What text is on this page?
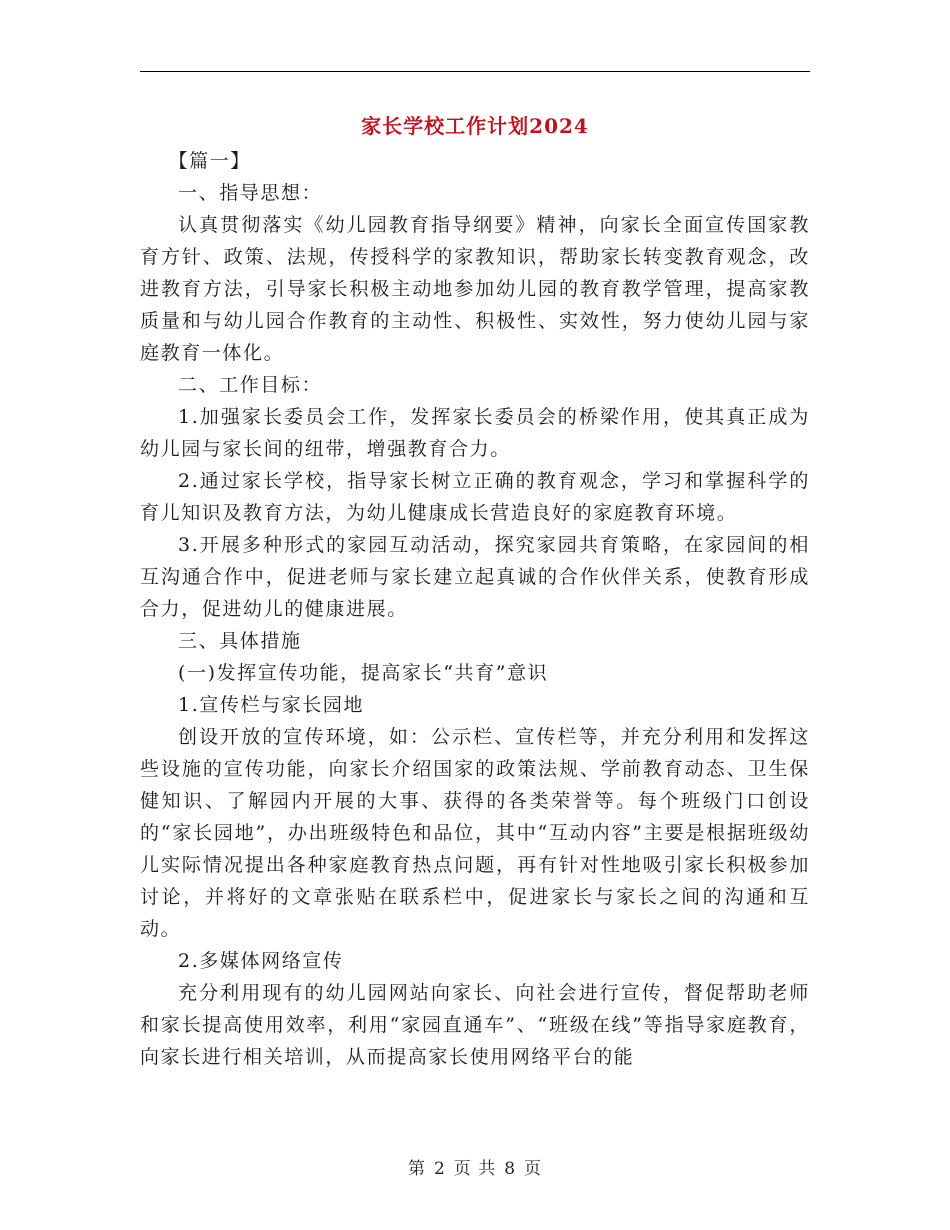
家长学校工作计划2024

【篇一】

一、指导思想：

认真贯彻落实《幼儿园教育指导纲要》精神，向家长全面宣传国家教育方针、政策、法规，传授科学的家教知识，帮助家长转变教育观念，改进教育方法，引导家长积极主动地参加幼儿园的教育教学管理，提高家教质量和与幼儿园合作教育的主动性、积极性、实效性，努力使幼儿园与家庭教育一体化。

二、工作目标：

1.加强家长委员会工作，发挥家长委员会的桥梁作用，使其真正成为幼儿园与家长间的纽带，增强教育合力。

2.通过家长学校，指导家长树立正确的教育观念，学习和掌握科学的育儿知识及教育方法，为幼儿健康成长营造良好的家庭教育环境。

3.开展多种形式的家园互动活动，探究家园共育策略，在家园间的相互沟通合作中，促进老师与家长建立起真诚的合作伙伴关系，使教育形成合力，促进幼儿的健康进展。

三、具体措施

(一)发挥宣传功能，提高家长“共育”意识

1.宣传栏与家长园地

创设开放的宣传环境，如：公示栏、宣传栏等，并充分利用和发挥这些设施的宣传功能，向家长介绍国家的政策法规、学前教育动态、卫生保健知识、了解园内开展的大事、获得的各类荣誉等。每个班级门口创设的“家长园地”，办出班级特色和品位，其中“互动内容”主要是根据班级幼儿实际情况提出各种家庭教育热点问题，再有针对性地吸引家长积极参加讨论，并将好的文章张贴在联系栏中，促进家长与家长之间的沟通和互动。

2.多媒体网络宣传

充分利用现有的幼儿园网站向家长、向社会进行宣传，督促帮助老师和家长提高使用效率，利用“家园直通车”、“班级在线”等指导家庭教育，向家长进行相关培训，从而提高家长使用网络平台的能

第 2 页 共 8 页
